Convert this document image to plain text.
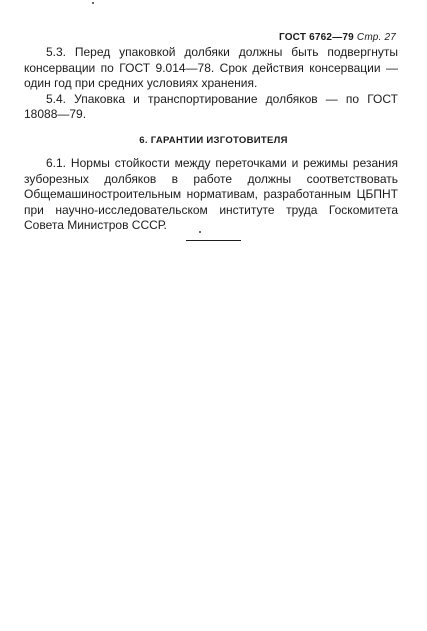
ГОСТ 6762—79 Стр. 27

5.3. Перед упаковкой долбяки должны быть подвергнуты консервации по ГОСТ 9.014—78. Срок действия консервации — один год при средних условиях хранения.

5.4. Упаковка и транспортирование долбяков — по ГОСТ 18088—79.

6. ГАРАНТИИ ИЗГОТОВИТЕЛЯ

6.1. Нормы стойкости между переточками и режимы резания зуборезных долбяков в работе должны соответствовать Общемашиностроительным нормативам, разработанным ЦБПНТ при научно-исследовательском институте труда Госкомитета Совета Министров СССР.
